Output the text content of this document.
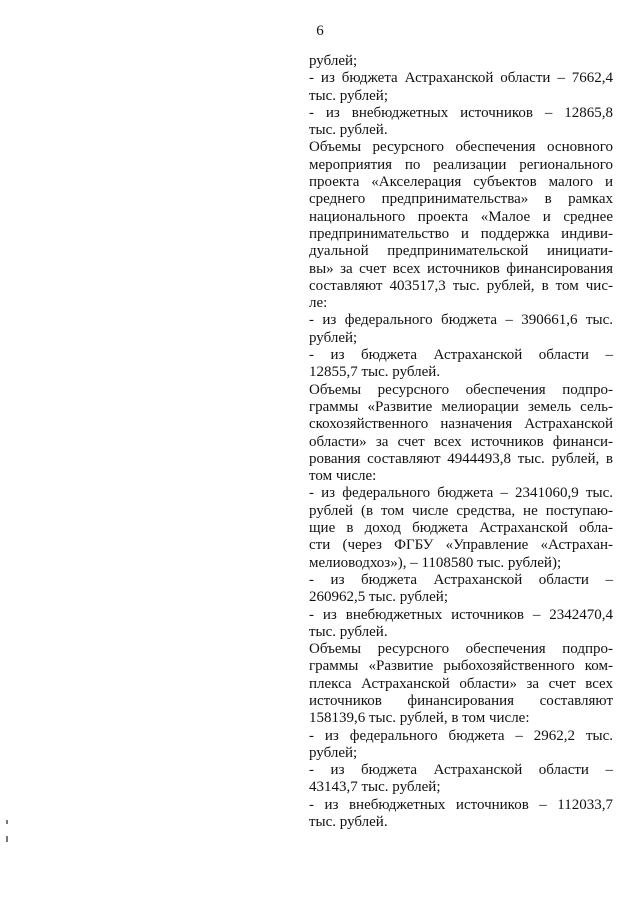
6
рублей;
- из бюджета Астраханской области – 7662,4
тыс. рублей;
- из внебюджетных источников – 12865,8
тыс. рублей.
Объемы ресурсного обеспечения основного
мероприятия по реализации регионального
проекта «Акселерация субъектов малого и
среднего предпринимательства» в рамках
национального проекта «Малое и среднее
предпринимательство и поддержка индиви-
дуальной предпринимательской инициати-
вы» за счет всех источников финансирования
составляют 403517,3 тыс. рублей, в том чис-
ле:
- из федерального бюджета – 390661,6 тыс.
рублей;
- из бюджета Астраханской области –
12855,7 тыс. рублей.
Объемы ресурсного обеспечения подпро-
граммы «Развитие мелиорации земель сель-
скохозяйственного назначения Астраханской
области» за счет всех источников финанси-
рования составляют 4944493,8 тыс. рублей, в
том числе:
- из федерального бюджета – 2341060,9 тыс.
рублей (в том числе средства, не поступаю-
щие в доход бюджета Астраханской обла-
сти (через ФГБУ «Управление «Астрахан-
мелиоводхоз»), – 1108580 тыс. рублей);
- из бюджета Астраханской области –
260962,5 тыс. рублей;
- из внебюджетных источников – 2342470,4
тыс. рублей.
Объемы ресурсного обеспечения подпро-
граммы «Развитие рыбохозяйственного ком-
плекса Астраханской области» за счет всех
источников финансирования составляют
158139,6 тыс. рублей, в том числе:
- из федерального бюджета – 2962,2 тыс.
рублей;
- из бюджета Астраханской области –
43143,7 тыс. рублей;
- из внебюджетных источников – 112033,7
тыс. рублей.
